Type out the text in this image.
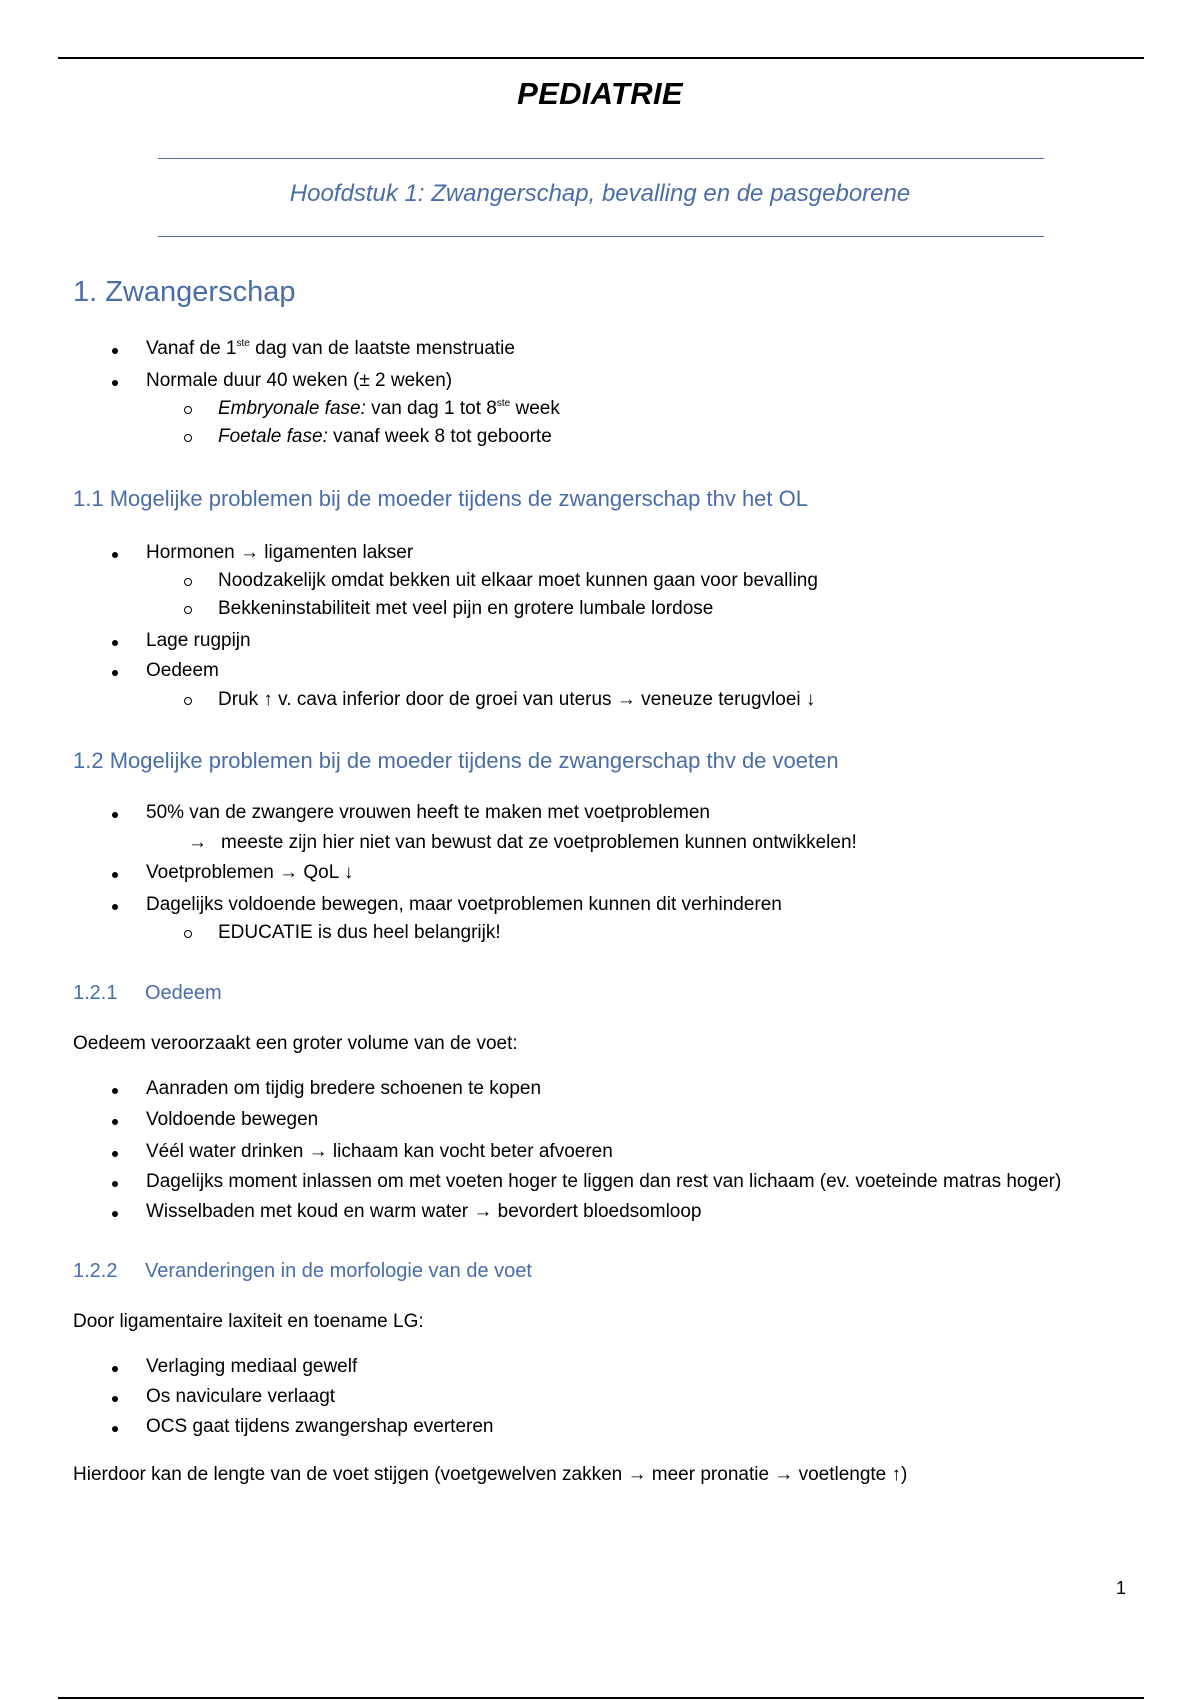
PEDIATRIE
Hoofdstuk 1: Zwangerschap, bevalling en de pasgeborene
1. Zwangerschap
Vanaf de 1ste dag van de laatste menstruatie
Normale duur 40 weken (± 2 weken)
Embryonale fase: van dag 1 tot 8ste week
Foetale fase: vanaf week 8 tot geboorte
1.1 Mogelijke problemen bij de moeder tijdens de zwangerschap thv het OL
Hormonen → ligamenten lakser
Noodzakelijk omdat bekken uit elkaar moet kunnen gaan voor bevalling
Bekkeninstabiliteit met veel pijn en grotere lumbale lordose
Lage rugpijn
Oedeem
Druk ↑ v. cava inferior door de groei van uterus → veneuze terugvloei ↓
1.2 Mogelijke problemen bij de moeder tijdens de zwangerschap thv de voeten
50% van de zwangere vrouwen heeft te maken met voetproblemen
→ meeste zijn hier niet van bewust dat ze voetproblemen kunnen ontwikkelen!
Voetproblemen → QoL ↓
Dagelijks voldoende bewegen, maar voetproblemen kunnen dit verhinderen
EDUCATIE is dus heel belangrijk!
1.2.1 Oedeem
Oedeem veroorzaakt een groter volume van de voet:
Aanraden om tijdig bredere schoenen te kopen
Voldoende bewegen
Véél water drinken → lichaam kan vocht beter afvoeren
Dagelijks moment inlassen om met voeten hoger te liggen dan rest van lichaam (ev. voeteinde matras hoger)
Wisselbaden met koud en warm water → bevordert bloedsomloop
1.2.2 Veranderingen in de morfologie van de voet
Door ligamentaire laxiteit en toename LG:
Verlaging mediaal gewelf
Os naviculare verlaagt
OCS gaat tijdens zwangershap everteren
Hierdoor kan de lengte van de voet stijgen (voetgewelven zakken → meer pronatie → voetlengte ↑)
1
